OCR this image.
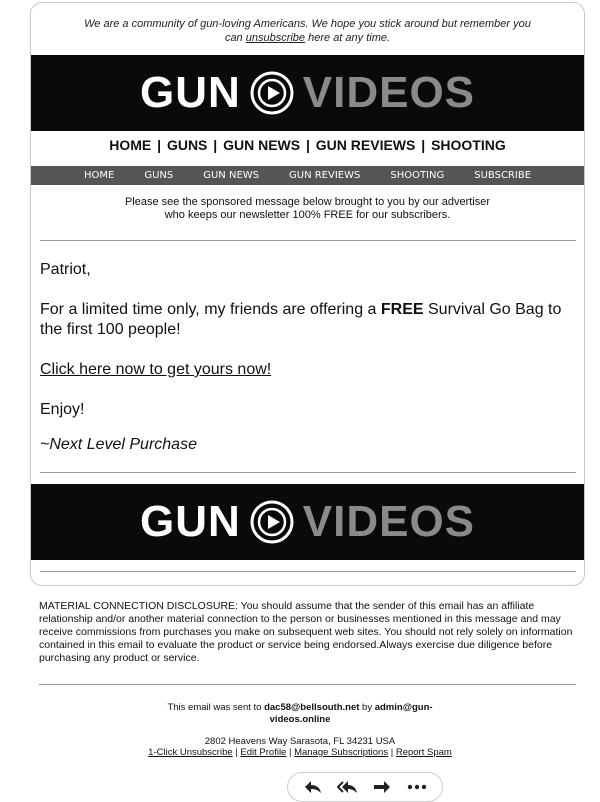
We are a community of gun-loving Americans. We hope you stick around but remember you
can unsubscribe here at any time.
GUN VIDEOS
HOME | GUNS | GUN NEWS | GUN REVIEWS | SHOOTING
HOME	GUNS	GUN NEWS	GUN REVIEWS	SHOOTING	SUBSCRIBE
Please see the sponsored message below brought to you by our advertiser
who keeps our newsletter 100% FREE for our subscribers.
Patriot,
For a limited time only, my friends are offering a FREE Survival Go Bag to the first 100 people!
Click here now to get yours now!
Enjoy!
~Next Level Purchase
GUN VIDEOS
MATERIAL CONNECTION DISCLOSURE: You should assume that the sender of this email has an affiliate relationship and/or another material connection to the person or businesses mentioned in this message and may receive commissions from purchases you make on subsequent web sites. You should not rely solely on information contained in this email to evaluate the product or service being endorsed.Always exercise due diligence before purchasing any product or service.
This email was sent to dac58@bellsouth.net by admin@gun-
videos.online
2802 Heavens Way Sarasota, FL 34231 USA
1-Click Unsubscribe | Edit Profile | Manage Subscriptions | Report Spam
